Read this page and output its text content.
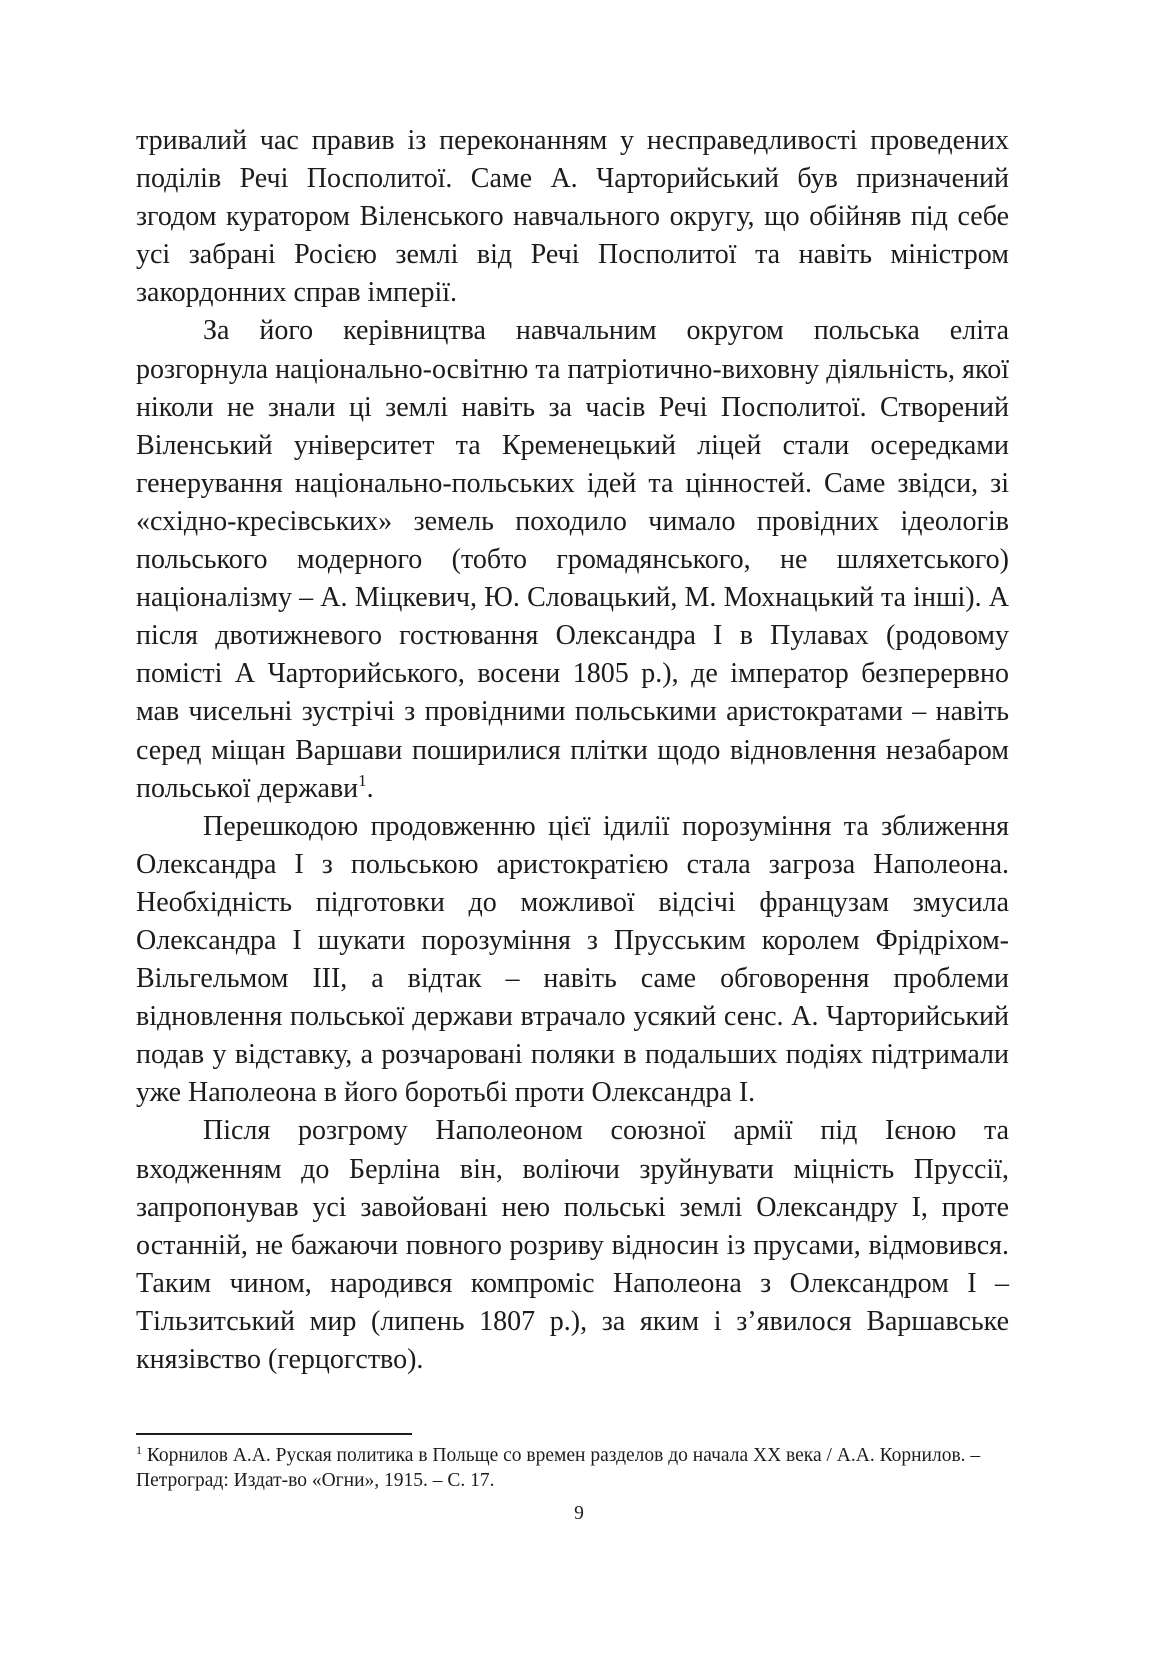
тривалий час правив із переконанням у несправедливості проведених поділів Речі Посполитої. Саме А. Чарторийський був призначений згодом куратором Віленського навчального округу, що обійняв під себе усі забрані Росією землі від Речі Посполитої та навіть міністром закордонних справ імперії.

За його керівництва навчальним округом польська еліта розгорнула національно-освітню та патріотично-виховну діяльність, якої ніколи не знали ці землі навіть за часів Речі Посполитої. Створений Віленський університет та Кременецький ліцей стали осередками генерування національно-польських ідей та цінностей. Саме звідси, зі «східно-кресівських» земель походило чимало провідних ідеологів польського модерного (тобто громадянського, не шляхетського) націоналізму – А. Міцкевич, Ю. Словацький, М. Мохнацький та інші). А після двотижневого гостювання Олександра І в Пулавах (родовому помісті А Чарторийського, восени 1805 р.), де імператор безперервно мав чисельні зустрічі з провідними польськими аристократами – навіть серед міщан Варшави поширилися плітки щодо відновлення незабаром польської держави$^1$.

Перешкодою продовженню цієї ідилії порозуміння та зближення Олександра І з польською аристократією стала загроза Наполеона. Необхідність підготовки до можливої відсічі французам змусила Олександра І шукати порозуміння з Прусським королем Фрідріхом-Вільгельмом ІІІ, а відтак – навіть саме обговорення проблеми відновлення польської держави втрачало усякий сенс. А. Чарторийський подав у відставку, а розчаровані поляки в подальших подіях підтримали уже Наполеона в його боротьбі проти Олександра І.

Після розгрому Наполеоном союзної армії під Ієною та входженням до Берліна він, воліючи зруйнувати міцність Пруссії, запропонував усі завойовані нею польські землі Олександру І, проте останній, не бажаючи повного розриву відносин із прусами, відмовився. Таким чином, народився компроміс Наполеона з Олександром І – Тільзитський мир (липень 1807 р.), за яким і з’явилося Варшавське князівство (герцогство).

$^1$ Корнилов А.А. Руская политика в Польще со времен разделов до начала ХХ века / А.А. Корнилов. – Петроград: Издат-во «Огни», 1915. – С. 17.

9
